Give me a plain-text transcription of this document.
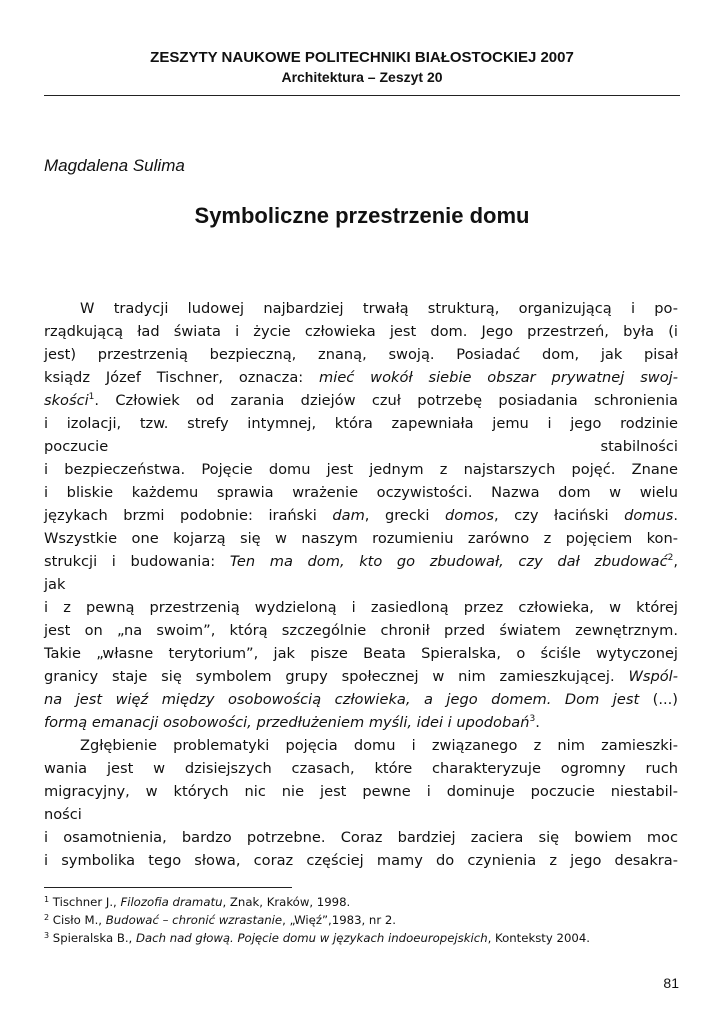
ZESZYTY NAUKOWE POLITECHNIKI BIAŁOSTOCKIEJ 2007
Architektura – Zeszyt 20
Magdalena Sulima
Symboliczne przestrzenie domu
W tradycji ludowej najbardziej trwałą strukturą, organizującą i po-
rządkującą ład świata i życie człowieka jest dom. Jego przestrzeń, była (i
jest) przestrzenią bezpieczną, znaną, swoją. Posiadać dom, jak pisał
ksiądz Józef Tischner, oznacza: mieć wokół siebie obszar prywatnej swoj-
skości$^1$. Człowiek od zarania dziejów czuł potrzebę posiadania schronienia
i izolacji, tzw. strefy intymnej, która zapewniała jemu i jego rodzinie
poczucie	stabilności
i bezpieczeństwa. Pojęcie domu jest jednym z najstarszych pojęć. Znane
i bliskie każdemu sprawia wrażenie oczywistości. Nazwa dom w wielu
językach brzmi podobnie: irański dam, grecki domos, czy łaciński domus.
Wszystkie one kojarzą się w naszym rozumieniu zarówno z pojęciem kon-
strukcji i budowania: Ten ma dom, kto go zbudował, czy dał zbudować$^2$,
jak
i z pewną przestrzenią wydzieloną i zasiedloną przez człowieka, w której
jest on „na swoim”, którą szczególnie chronił przed światem zewnętrznym.
Takie „własne terytorium”, jak pisze Beata Spieralska, o ściśle wytyczonej
granicy staje się symbolem grupy społecznej w nim zamieszkującej. Wspól-
na jest więź między osobowością człowieka, a jego domem. Dom jest (...)
formą emanacji osobowości, przedłużeniem myśli, idei i upodobań$^3$.
Zgłębienie problematyki pojęcia domu i związanego z nim zamieszki-
wania jest w dzisiejszych czasach, które charakteryzuje ogromny ruch
migracyjny, w których nic nie jest pewne i dominuje poczucie niestabil-
ności
i osamotnienia, bardzo potrzebne. Coraz bardziej zaciera się bowiem moc
i symbolika tego słowa, coraz częściej mamy do czynienia z jego desakra-
$^1$ Tischner J., Filozofia dramatu, Znak, Kraków, 1998.
$^2$ Cisło M., Budować – chronić wzrastanie, „Więź”,1983, nr 2.
$^3$ Spieralska B., Dach nad głową. Pojęcie domu w językach indoeuropejskich, Konteksty 2004.
81
